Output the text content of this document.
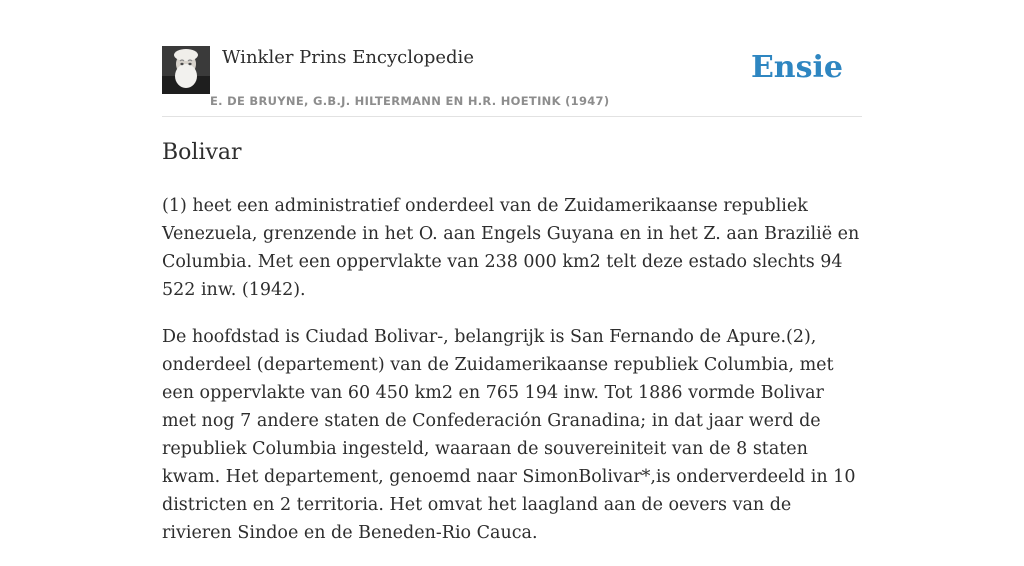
Winkler Prins Encyclopedie
E. DE BRUYNE, G.B.J. HILTERMANN EN H.R. HOETINK (1947)
Ensie
Bolivar

(1) heet een administratief onderdeel van de Zuidamerikaanse republiek Venezuela, grenzende in het O. aan Engels Guyana en in het Z. aan Brazilië en Columbia. Met een oppervlakte van 238 000 km2 telt deze estado slechts 94 522 inw. (1942).

De hoofdstad is Ciudad Bolivar-, belangrijk is San Fernando de Apure.(2), onderdeel (departement) van de Zuidamerikaanse republiek Columbia, met een oppervlakte van 60 450 km2 en 765 194 inw. Tot 1886 vormde Bolivar met nog 7 andere staten de Confederación Granadina; in dat jaar werd de republiek Columbia ingesteld, waaraan de souvereiniteit van de 8 staten kwam. Het departement, genoemd naar SimonBolivar*,is onderverdeeld in 10 districten en 2 territoria. Het omvat het laagland aan de oevers van de rivieren Sindoe en de Beneden-Rio Cauca.
